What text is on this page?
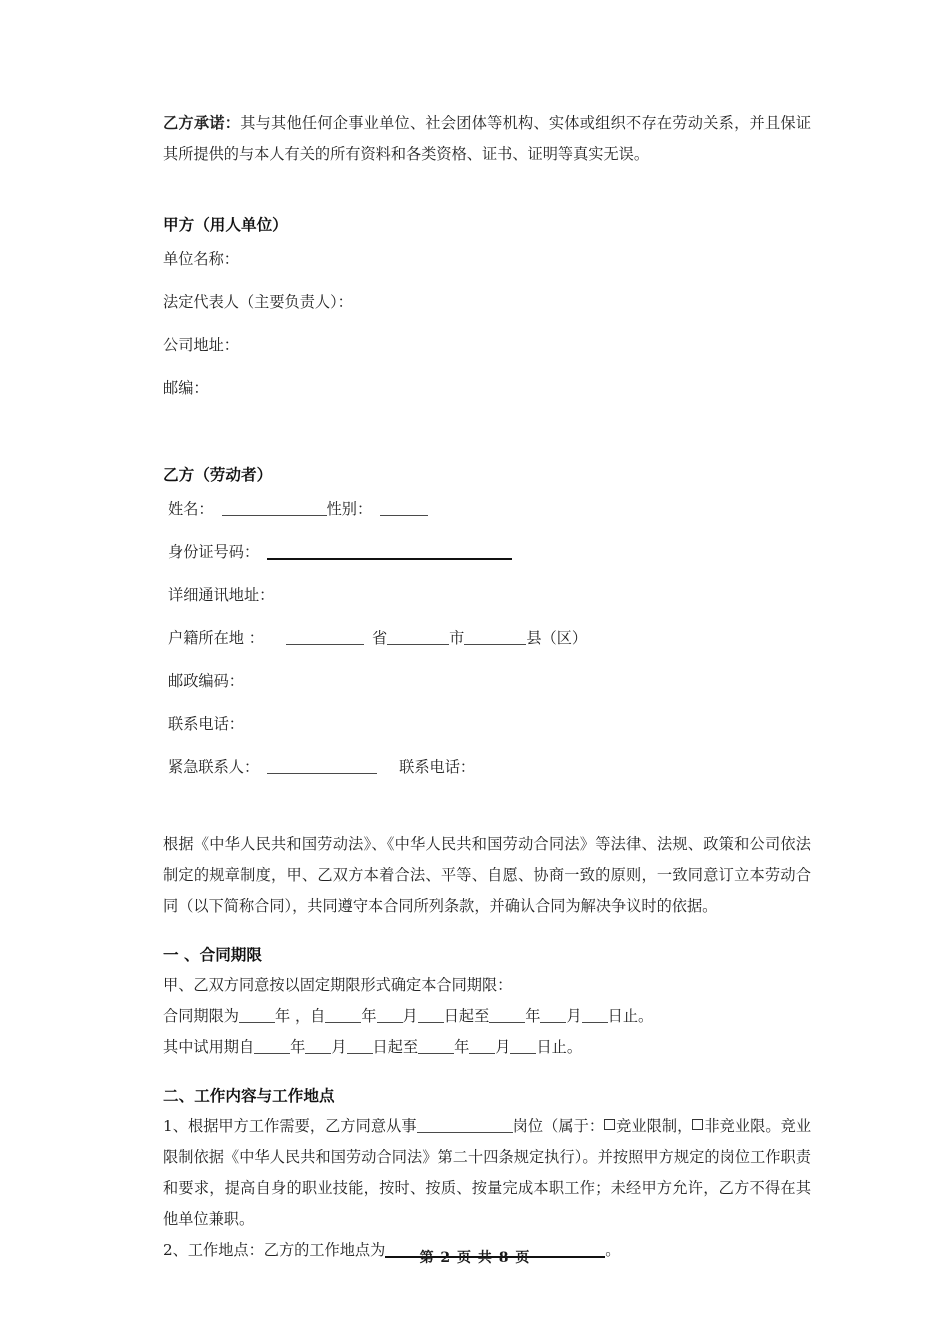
乙方承诺：其与其他任何企事业单位、社会团体等机构、实体或组织不存在劳动关系，并且保证其所提供的与本人有关的所有资料和各类资格、证书、证明等真实无误。

甲方（用人单位）

单位名称：

法定代表人（主要负责人）：

公司地址：

邮编：

乙方（劳动者）

姓名：	性别：

身份证号码：

详细通讯地址：

户籍所在地 ：	省	市	县（区）

邮政编码：

联系电话：

紧急联系人：	联系电话：

根据《中华人民共和国劳动法》、《中华人民共和国劳动合同法》等法律、法规、政策和公司依法制定的规章制度，甲、乙双方本着合法、平等、自愿、协商一致的原则，一致同意订立本劳动合同（以下简称合同），共同遵守本合同所列条款，并确认合同为解决争议时的依据。

一 、合同期限

甲、乙双方同意按以固定期限形式确定本合同期限：

合同期限为 年 ，自 年 月 日起至 年 月 日止。

其中试用期自 年 月 日起至 年 月 日止。

二、工作内容与工作地点

1、根据甲方工作需要，乙方同意从事	岗位（属于： 竞业限制， 非竞业限。竞业限制依据《中华人民共和国劳动合同法》第二十四条规定执行）。并按照甲方规定的岗位工作职责和要求，提高自身的职业技能，按时、按质、按量完成本职工作；未经甲方允许，乙方不得在其他单位兼职。

2、工作地点：乙方的工作地点为	。

第 2 页 共 8 页
